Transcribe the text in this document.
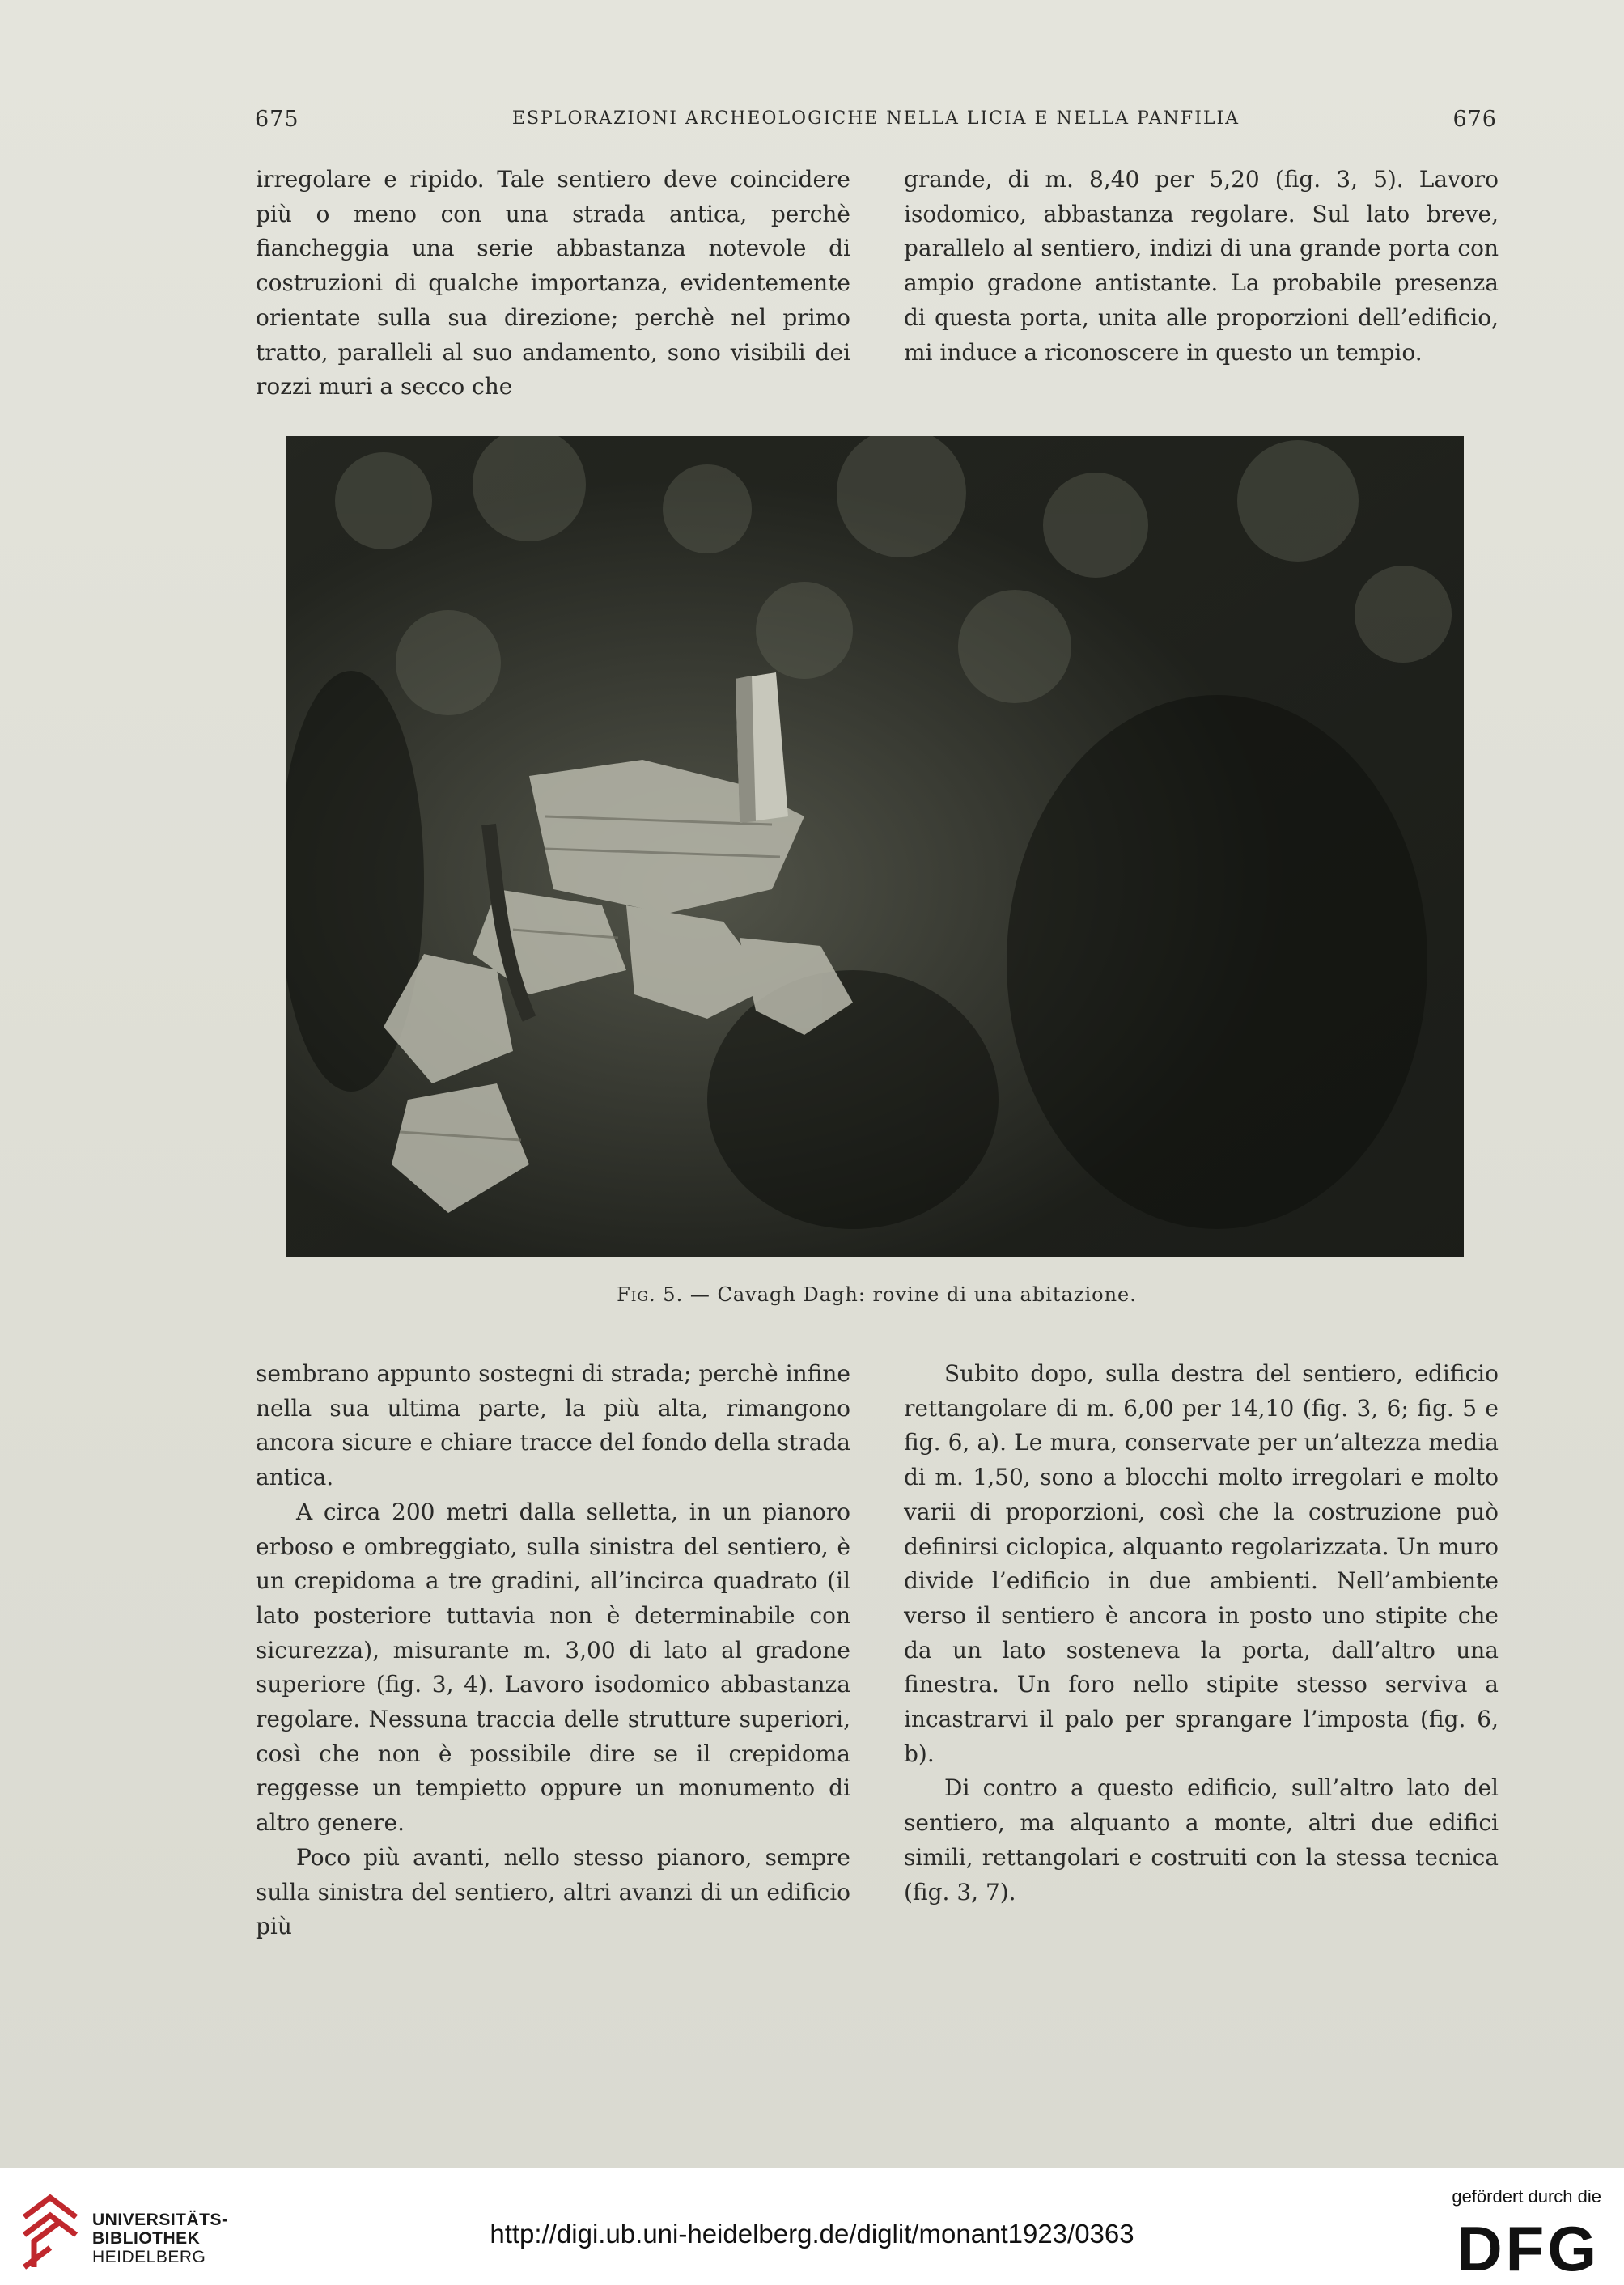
675	ESPLORAZIONI ARCHEOLOGICHE NELLA LICIA E NELLA PANFILIA	676

irregolare e ripido. Tale sentiero deve coincidere più o meno con una strada antica, perchè fiancheggia una serie abbastanza notevole di costruzioni di qualche importanza, evidentemente orientate sulla sua direzione; perchè nel primo tratto, paralleli al suo andamento, sono visibili dei rozzi muri a secco che

grande, di m. 8,40 per 5,20 (fig. 3, 5). Lavoro isodomico, abbastanza regolare. Sul lato breve, parallelo al sentiero, indizi di una grande porta con ampio gradone antistante. La probabile presenza di questa porta, unita alle proporzioni dell’edificio, mi induce a riconoscere in questo un tempio.

Fig. 5. — Cavagh Dagh: rovine di una abitazione.

sembrano appunto sostegni di strada; perchè infine nella sua ultima parte, la più alta, rimangono ancora sicure e chiare tracce del fondo della strada antica.

A circa 200 metri dalla selletta, in un pianoro erboso e ombreggiato, sulla sinistra del sentiero, è un crepidoma a tre gradini, all’incirca quadrato (il lato posteriore tuttavia non è determinabile con sicurezza), misurante m. 3,00 di lato al gradone superiore (fig. 3, 4). Lavoro isodomico abbastanza regolare. Nessuna traccia delle strutture superiori, così che non è possibile dire se il crepidoma reggesse un tempietto oppure un monumento di altro genere.

Poco più avanti, nello stesso pianoro, sempre sulla sinistra del sentiero, altri avanzi di un edificio più

Subito dopo, sulla destra del sentiero, edificio rettangolare di m. 6,00 per 14,10 (fig. 3, 6; fig. 5 e fig. 6, a). Le mura, conservate per un’altezza media di m. 1,50, sono a blocchi molto irregolari e molto varii di proporzioni, così che la costruzione può definirsi ciclopica, alquanto regolarizzata. Un muro divide l’edificio in due ambienti. Nell’ambiente verso il sentiero è ancora in posto uno stipite che da un lato sosteneva la porta, dall’altro una finestra. Un foro nello stipite stesso serviva a incastrarvi il palo per sprangare l’imposta (fig. 6, b).

Di contro a questo edificio, sull’altro lato del sentiero, ma alquanto a monte, altri due edifici simili, rettangolari e costruiti con la stessa tecnica (fig. 3, 7).

UNIVERSITÄTS-
BIBLIOTHEK
HEIDELBERG
http://digi.ub.uni-heidelberg.de/diglit/monant1923/0363
gefördert durch die
DFG
